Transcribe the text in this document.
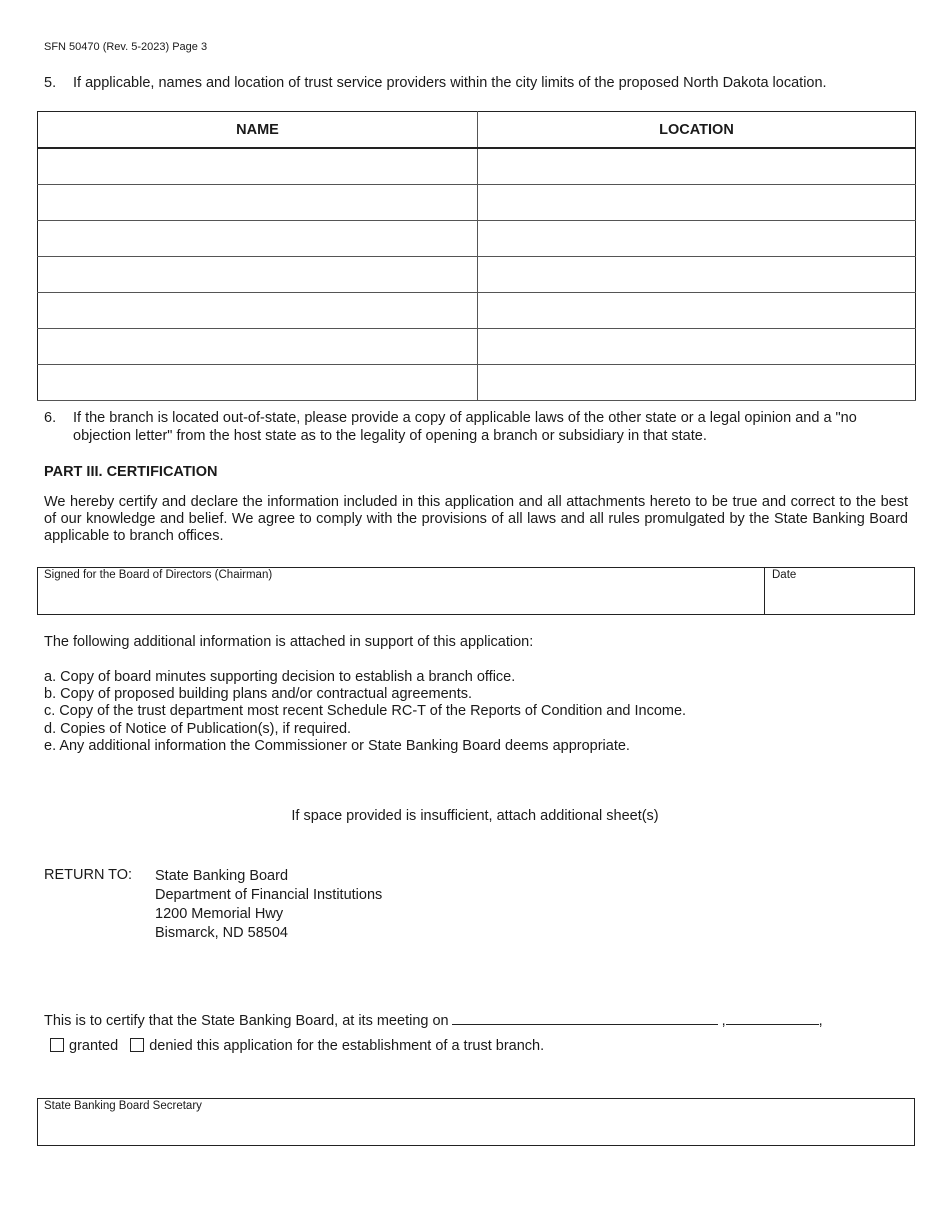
SFN 50470 (Rev. 5-2023) Page 3
5. If applicable, names and location of trust service providers within the city limits of the proposed North Dakota location.
NAME	LOCATION

6. If the branch is located out-of-state, please provide a copy of applicable laws of the other state or a legal opinion and a "no objection letter" from the host state as to the legality of opening a branch or subsidiary in that state.
PART III. CERTIFICATION
We hereby certify and declare the information included in this application and all attachments hereto to be true and correct to the best of our knowledge and belief. We agree to comply with the provisions of all laws and all rules promulgated by the State Banking Board applicable to branch offices.
Signed for the Board of Directors (Chairman)	Date
The following additional information is attached in support of this application:
a. Copy of board minutes supporting decision to establish a branch office.
b. Copy of proposed building plans and/or contractual agreements.
c. Copy of the trust department most recent Schedule RC-T of the Reports of Condition and Income.
d. Copies of Notice of Publication(s), if required.
e. Any additional information the Commissioner or State Banking Board deems appropriate.
If space provided is insufficient, attach additional sheet(s)
RETURN TO: State Banking Board
Department of Financial Institutions
1200 Memorial Hwy
Bismarck, ND 58504
This is to certify that the State Banking Board, at its meeting on	,	,
granted denied this application for the establishment of a trust branch.
State Banking Board Secretary
